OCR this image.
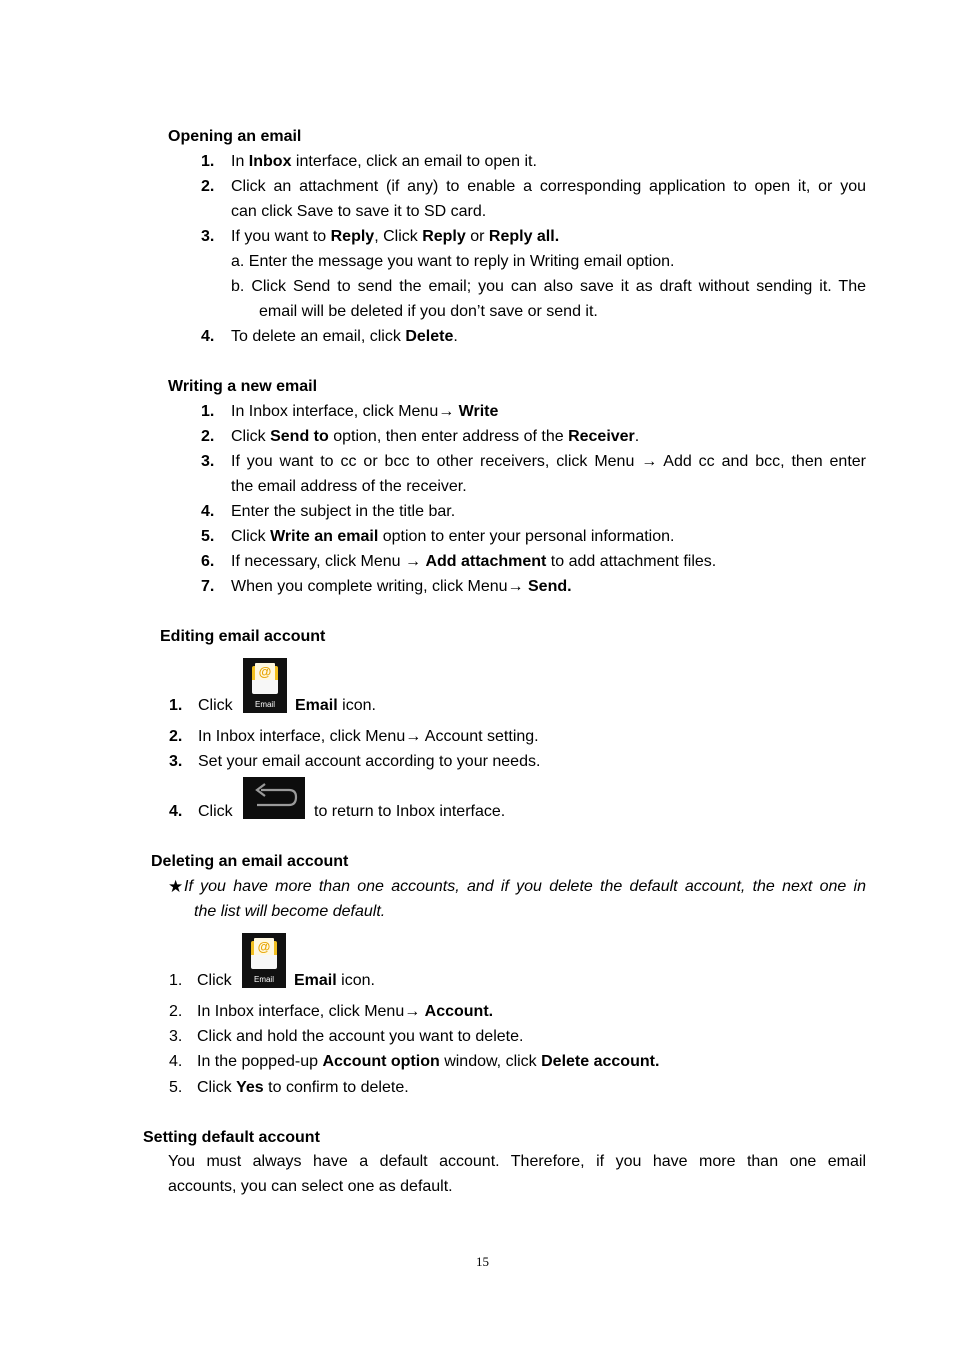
Opening an email
1. In Inbox interface, click an email to open it.
2. Click an attachment (if any) to enable a corresponding application to open it, or you
can click Save to save it to SD card.
3. If you want to Reply, Click Reply or Reply all.
a. Enter the message you want to reply in Writing email option.
b. Click Send to send the email; you can also save it as draft without sending it. The
email will be deleted if you don’t save or send it.
4. To delete an email, click Delete.
Writing a new email
1. In Inbox interface, click Menu→ Write
2. Click Send to option, then enter address of the Receiver.
3. If you want to cc or bcc to other receivers, click Menu → Add cc and bcc, then enter
the email address of the receiver.
4. Enter the subject in the title bar.
5. Click Write an email option to enter your personal information.
6. If necessary, click Menu → Add attachment to add attachment files.
7. When you complete writing, click Menu→ Send.
Editing email account
1. Click
@
Email	Email icon.
2. In Inbox interface, click Menu→ Account setting.
3. Set your email account according to your needs.
4. Click	to return to Inbox interface.
Deleting an email account
★ If you have more than one accounts, and if you delete the default account, the next one in
the list will become default.
1. Click
@
Email	Email icon.
2. In Inbox interface, click Menu→ Account.
3. Click and hold the account you want to delete.
4. In the popped-up Account option window, click Delete account.
5. Click Yes to confirm to delete.
Setting default account
You must always have a default account. Therefore, if you have more than one email
accounts, you can select one as default.
15
